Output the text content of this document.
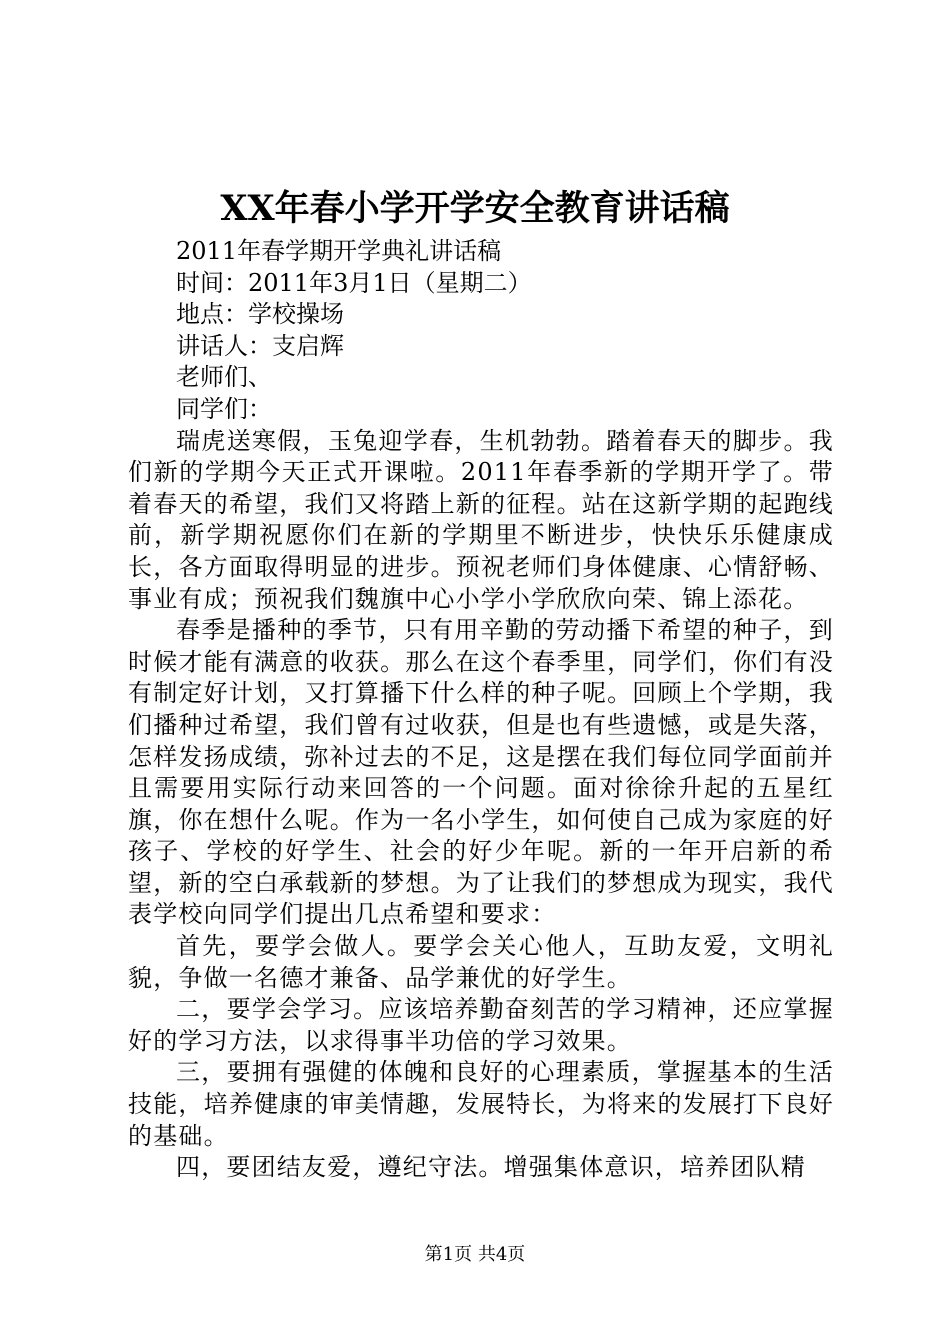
XX年春小学开学安全教育讲话稿

2011年春学期开学典礼讲话稿

时间：2011年3月1日（星期二）

地点：学校操场

讲话人：支启辉

老师们、

同学们：

瑞虎送寒假，玉兔迎学春，生机勃勃。踏着春天的脚步。我们新的学期今天正式开课啦。2011年春季新的学期开学了。带着春天的希望，我们又将踏上新的征程。站在这新学期的起跑线前，新学期祝愿你们在新的学期里不断进步，快快乐乐健康成长，各方面取得明显的进步。预祝老师们身体健康、心情舒畅、事业有成；预祝我们魏旗中心小学小学欣欣向荣、锦上添花。

春季是播种的季节，只有用辛勤的劳动播下希望的种子，到时候才能有满意的收获。那么在这个春季里，同学们，你们有没有制定好计划，又打算播下什么样的种子呢。回顾上个学期，我们播种过希望，我们曾有过收获，但是也有些遗憾，或是失落，怎样发扬成绩，弥补过去的不足，这是摆在我们每位同学面前并且需要用实际行动来回答的一个问题。面对徐徐升起的五星红旗，你在想什么呢。作为一名小学生，如何使自己成为家庭的好孩子、学校的好学生、社会的好少年呢。新的一年开启新的希望，新的空白承载新的梦想。为了让我们的梦想成为现实，我代表学校向同学们提出几点希望和要求：

首先，要学会做人。要学会关心他人，互助友爱，文明礼貌，争做一名德才兼备、品学兼优的好学生。

二，要学会学习。应该培养勤奋刻苦的学习精神，还应掌握好的学习方法，以求得事半功倍的学习效果。

三，要拥有强健的体魄和良好的心理素质，掌握基本的生活技能，培养健康的审美情趣，发展特长，为将来的发展打下良好的基础。

四，要团结友爱，遵纪守法。增强集体意识，培养团队精

第1页 共4页
